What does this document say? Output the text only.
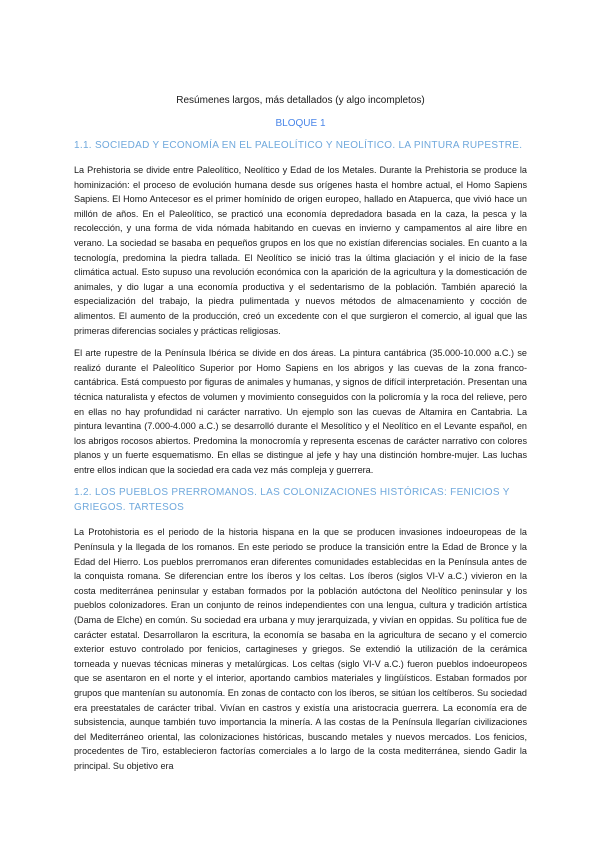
Resúmenes largos, más detallados (y algo incompletos)

BLOQUE 1

1.1. SOCIEDAD Y ECONOMÍA EN EL PALEOLÍTICO Y NEOLÍTICO. LA PINTURA RUPESTRE.

La Prehistoria se divide entre Paleolítico, Neolítico y Edad de los Metales. Durante la Prehistoria se produce la hominización: el proceso de evolución humana desde sus orígenes hasta el hombre actual, el Homo Sapiens Sapiens. El Homo Antecesor es el primer homínido de origen europeo, hallado en Atapuerca, que vivió hace un millón de años. En el Paleolítico, se practicó una economía depredadora basada en la caza, la pesca y la recolección, y una forma de vida nómada habitando en cuevas en invierno y campamentos al aire libre en verano. La sociedad se basaba en pequeños grupos en los que no existían diferencias sociales. En cuanto a la tecnología, predomina la piedra tallada. El Neolítico se inició tras la última glaciación y el inicio de la fase climática actual. Esto supuso una revolución económica con la aparición de la agricultura y la domesticación de animales, y dio lugar a una economía productiva y el sedentarismo de la población. También apareció la especialización del trabajo, la piedra pulimentada y nuevos métodos de almacenamiento y cocción de alimentos. El aumento de la producción, creó un excedente con el que surgieron el comercio, al igual que las primeras diferencias sociales y prácticas religiosas.

El arte rupestre de la Península Ibérica se divide en dos áreas. La pintura cantábrica (35.000-10.000 a.C.) se realizó durante el Paleolítico Superior por Homo Sapiens en los abrigos y las cuevas de la zona franco-cantábrica. Está compuesto por figuras de animales y humanas, y signos de difícil interpretación. Presentan una técnica naturalista y efectos de volumen y movimiento conseguidos con la policromía y la roca del relieve, pero en ellas no hay profundidad ni carácter narrativo. Un ejemplo son las cuevas de Altamira en Cantabria. La pintura levantina (7.000-4.000 a.C.) se desarrolló durante el Mesolítico y el Neolítico en el Levante español, en los abrigos rocosos abiertos. Predomina la monocromía y representa escenas de carácter narrativo con colores planos y un fuerte esquematismo. En ellas se distingue al jefe y hay una distinción hombre-mujer. Las luchas entre ellos indican que la sociedad era cada vez más compleja y guerrera.

1.2. LOS PUEBLOS PRERROMANOS. LAS COLONIZACIONES HISTÓRICAS: FENICIOS Y GRIEGOS. TARTESOS

La Protohistoria es el periodo de la historia hispana en la que se producen invasiones indoeuropeas de la Península y la llegada de los romanos. En este periodo se produce la transición entre la Edad de Bronce y la Edad del Hierro. Los pueblos prerromanos eran diferentes comunidades establecidas en la Península antes de la conquista romana. Se diferencian entre los íberos y los celtas. Los íberos (siglos VI-V a.C.) vivieron en la costa mediterránea peninsular y estaban formados por la población autóctona del Neolítico peninsular y los pueblos colonizadores. Eran un conjunto de reinos independientes con una lengua, cultura y tradición artística (Dama de Elche) en común. Su sociedad era urbana y muy jerarquizada, y vivían en oppidas. Su política fue de carácter estatal. Desarrollaron la escritura, la economía se basaba en la agricultura de secano y el comercio exterior estuvo controlado por fenicios, cartagineses y griegos. Se extendió la utilización de la cerámica torneada y nuevas técnicas mineras y metalúrgicas. Los celtas (siglo VI-V a.C.) fueron pueblos indoeuropeos que se asentaron en el norte y el interior, aportando cambios materiales y lingüísticos. Estaban formados por grupos que mantenían su autonomía. En zonas de contacto con los íberos, se sitúan los celtíberos. Su sociedad era preestatales de carácter tribal. Vivían en castros y existía una aristocracia guerrera. La economía era de subsistencia, aunque también tuvo importancia la minería. A las costas de la Península llegarían civilizaciones del Mediterráneo oriental, las colonizaciones históricas, buscando metales y nuevos mercados. Los fenicios, procedentes de Tiro, establecieron factorías comerciales a lo largo de la costa mediterránea, siendo Gadir la principal. Su objetivo era
